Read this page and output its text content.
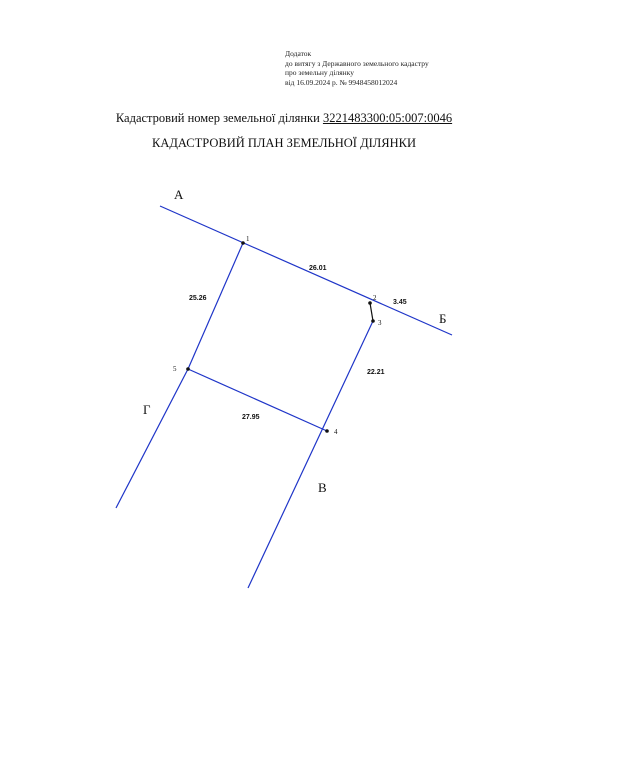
Додаток
до витягу з Державного земельного кадастру
про земельну ділянку
від 16.09.2024 р. № 9948458012024
Кадастровий номер земельної ділянки 3221483300:05:007:0046
КАДАСТРОВИЙ ПЛАН ЗЕМЕЛЬНОЇ ДІЛЯНКИ
1
2
3
4
5
26.01
3.45
22.21
27.95
25.26
А
Б
В
Г
